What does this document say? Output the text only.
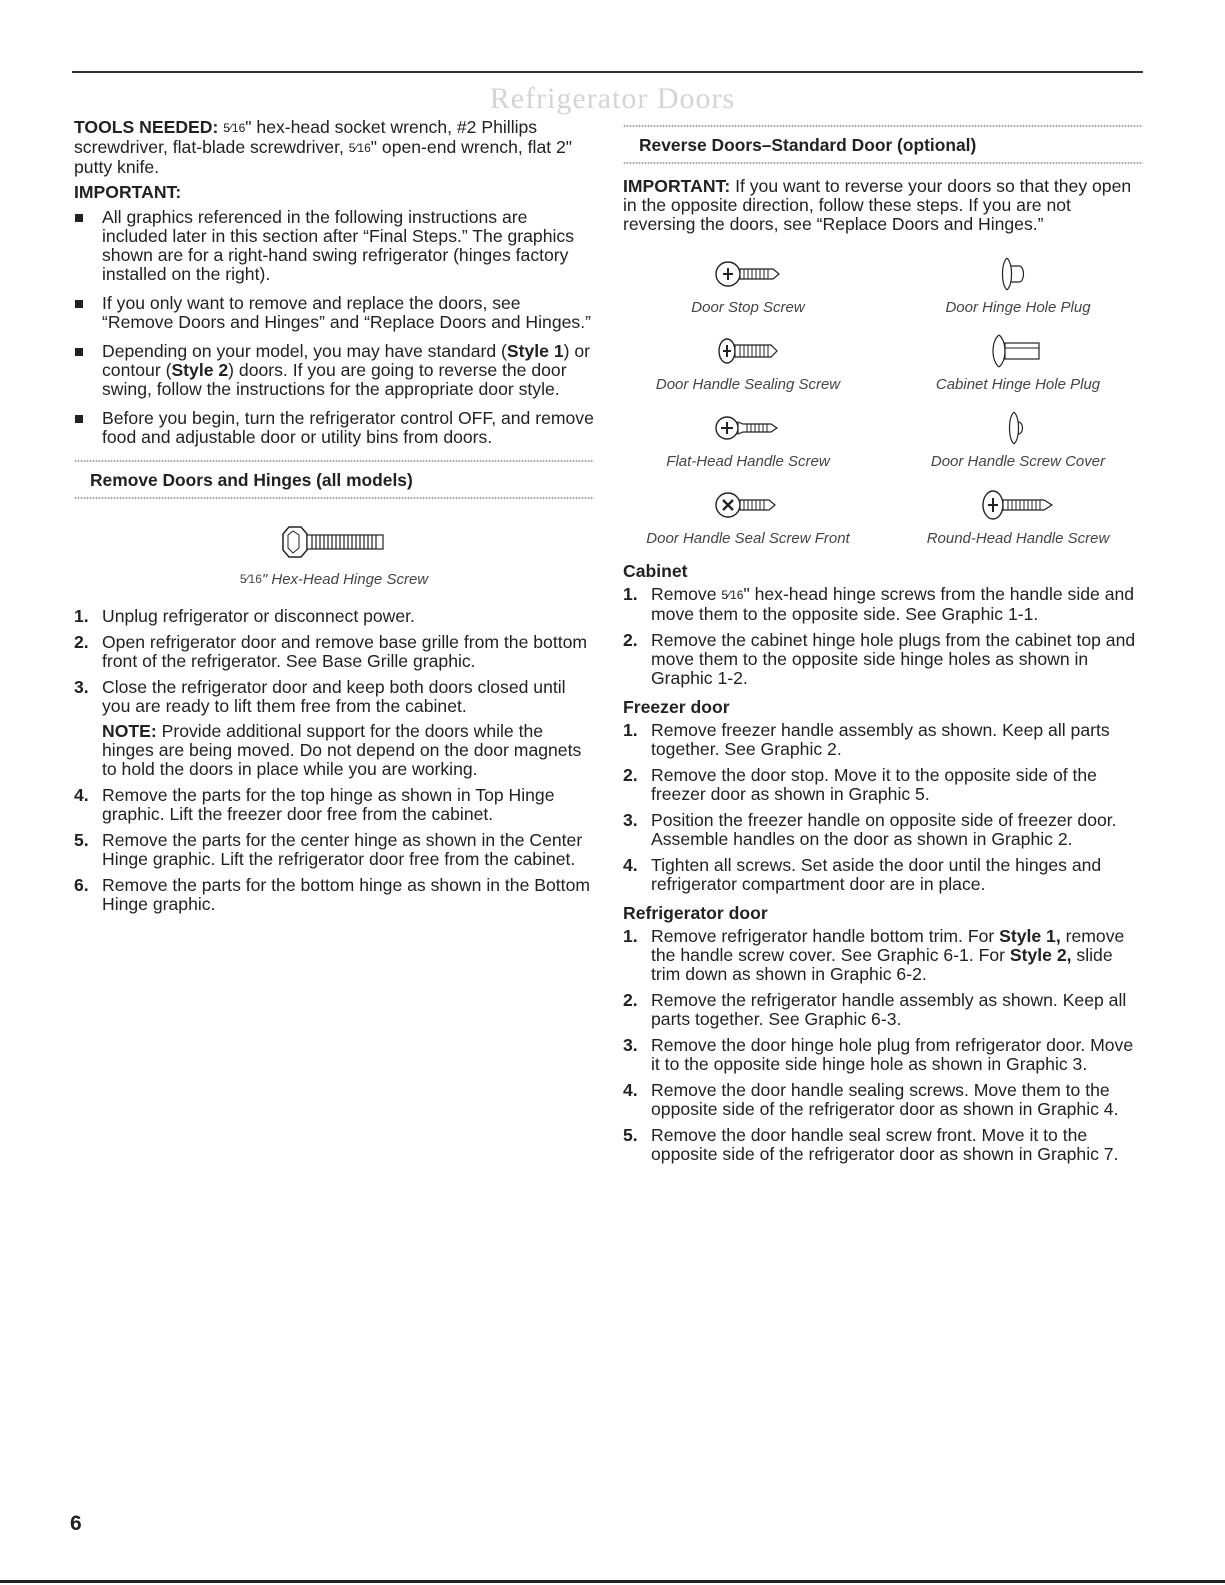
Refrigerator Doors

TOOLS NEEDED: 5⁄16" hex-head socket wrench, #2 Phillips screwdriver, flat-blade screwdriver, 5⁄16" open-end wrench, flat 2" putty knife.

IMPORTANT:

All graphics referenced in the following instructions are included later in this section after “Final Steps.” The graphics shown are for a right-hand swing refrigerator (hinges factory installed on the right).
If you only want to remove and replace the doors, see “Remove Doors and Hinges” and “Replace Doors and Hinges.”
Depending on your model, you may have standard (Style 1) or contour (Style 2) doors. If you are going to reverse the door swing, follow the instructions for the appropriate door style.
Before you begin, turn the refrigerator control OFF, and remove food and adjustable door or utility bins from doors.
Remove Doors and Hinges (all models)
5⁄16" Hex-Head Hinge Screw
1. Unplug refrigerator or disconnect power.
2. Open refrigerator door and remove base grille from the bottom front of the refrigerator. See Base Grille graphic.
3. Close the refrigerator door and keep both doors closed until you are ready to lift them free from the cabinet.

NOTE: Provide additional support for the doors while the hinges are being moved. Do not depend on the door magnets to hold the doors in place while you are working.

4. Remove the parts for the top hinge as shown in Top Hinge graphic. Lift the freezer door free from the cabinet.
5. Remove the parts for the center hinge as shown in the Center Hinge graphic. Lift the refrigerator door free from the cabinet.
6. Remove the parts for the bottom hinge as shown in the Bottom Hinge graphic.
Reverse Doors–Standard Door (optional)

IMPORTANT: If you want to reverse your doors so that they open in the opposite direction, follow these steps. If you are not reversing the doors, see “Replace Doors and Hinges.”

Door Stop Screw	Door Hinge Hole Plug
Door Handle Sealing Screw	Cabinet Hinge Hole Plug
Flat-Head Handle Screw	Door Handle Screw Cover
Door Handle Seal Screw Front	Round-Head Handle Screw

Cabinet

1. Remove 5⁄16" hex-head hinge screws from the handle side and move them to the opposite side. See Graphic 1-1.
2. Remove the cabinet hinge hole plugs from the cabinet top and move them to the opposite side hinge holes as shown in Graphic 1-2.

Freezer door

1. Remove freezer handle assembly as shown. Keep all parts together. See Graphic 2.
2. Remove the door stop. Move it to the opposite side of the freezer door as shown in Graphic 5.
3. Position the freezer handle on opposite side of freezer door. Assemble handles on the door as shown in Graphic 2.
4. Tighten all screws. Set aside the door until the hinges and refrigerator compartment door are in place.

Refrigerator door

1. Remove refrigerator handle bottom trim. For Style 1, remove the handle screw cover. See Graphic 6-1. For Style 2, slide trim down as shown in Graphic 6-2.
2. Remove the refrigerator handle assembly as shown. Keep all parts together. See Graphic 6-3.
3. Remove the door hinge hole plug from refrigerator door. Move it to the opposite side hinge hole as shown in Graphic 3.
4. Remove the door handle sealing screws. Move them to the opposite side of the refrigerator door as shown in Graphic 4.
5. Remove the door handle seal screw front. Move it to the opposite side of the refrigerator door as shown in Graphic 7.
6
